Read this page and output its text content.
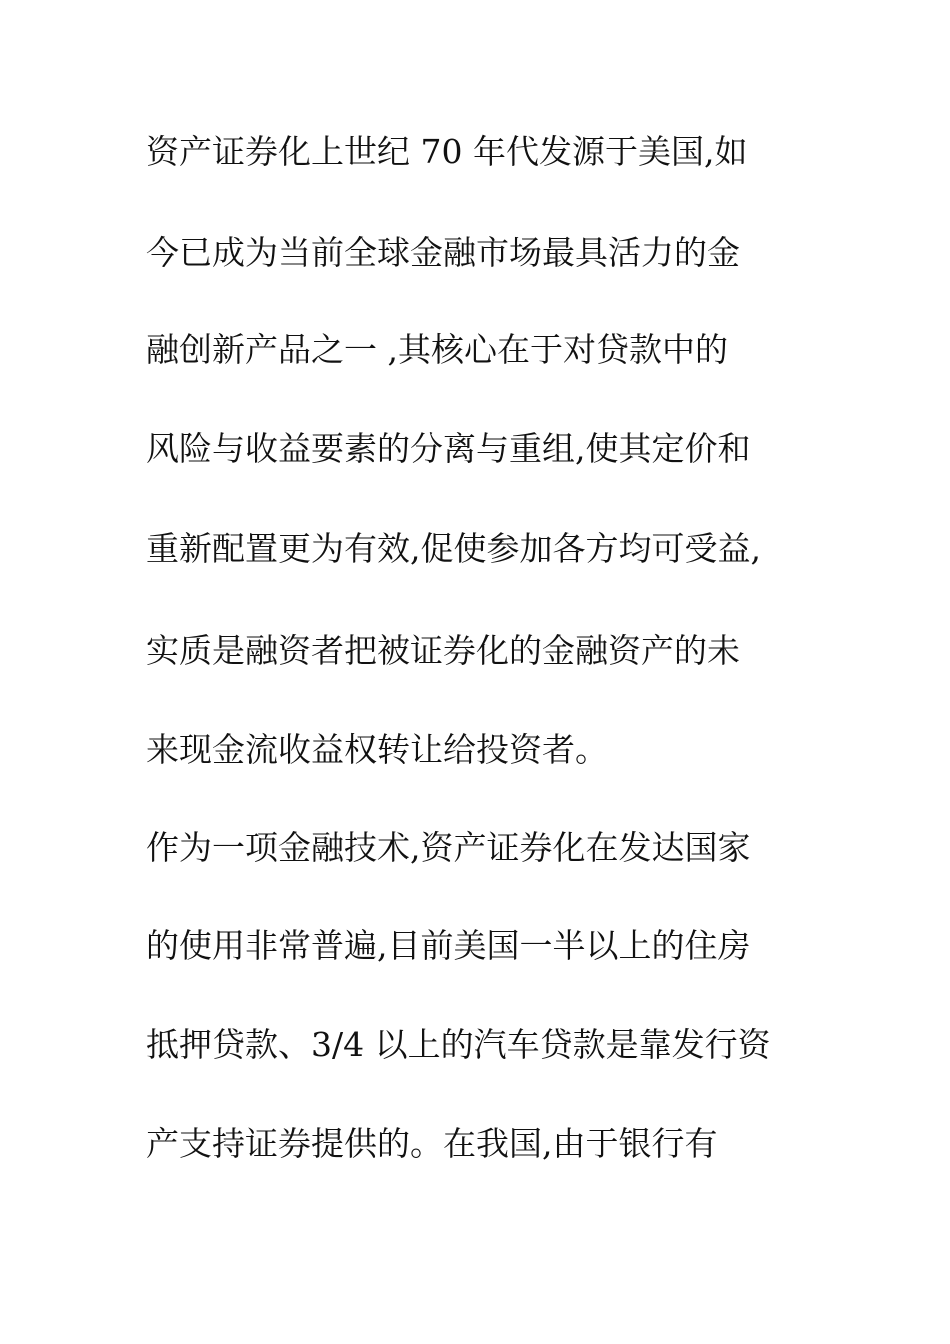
资产证券化上世纪 70 年代发源于美国,如
今已成为当前全球金融市场最具活力的金
融创新产品之一 ,其核心在于对贷款中的
风险与收益要素的分离与重组,使其定价和
重新配置更为有效,促使参加各方均可受益,
实质是融资者把被证券化的金融资产的未
来现金流收益权转让给投资者。
作为一项金融技术,资产证券化在发达国家
的使用非常普遍,目前美国一半以上的住房
抵押贷款、3/4 以上的汽车贷款是靠发行资
产支持证券提供的。在我国,由于银行有
